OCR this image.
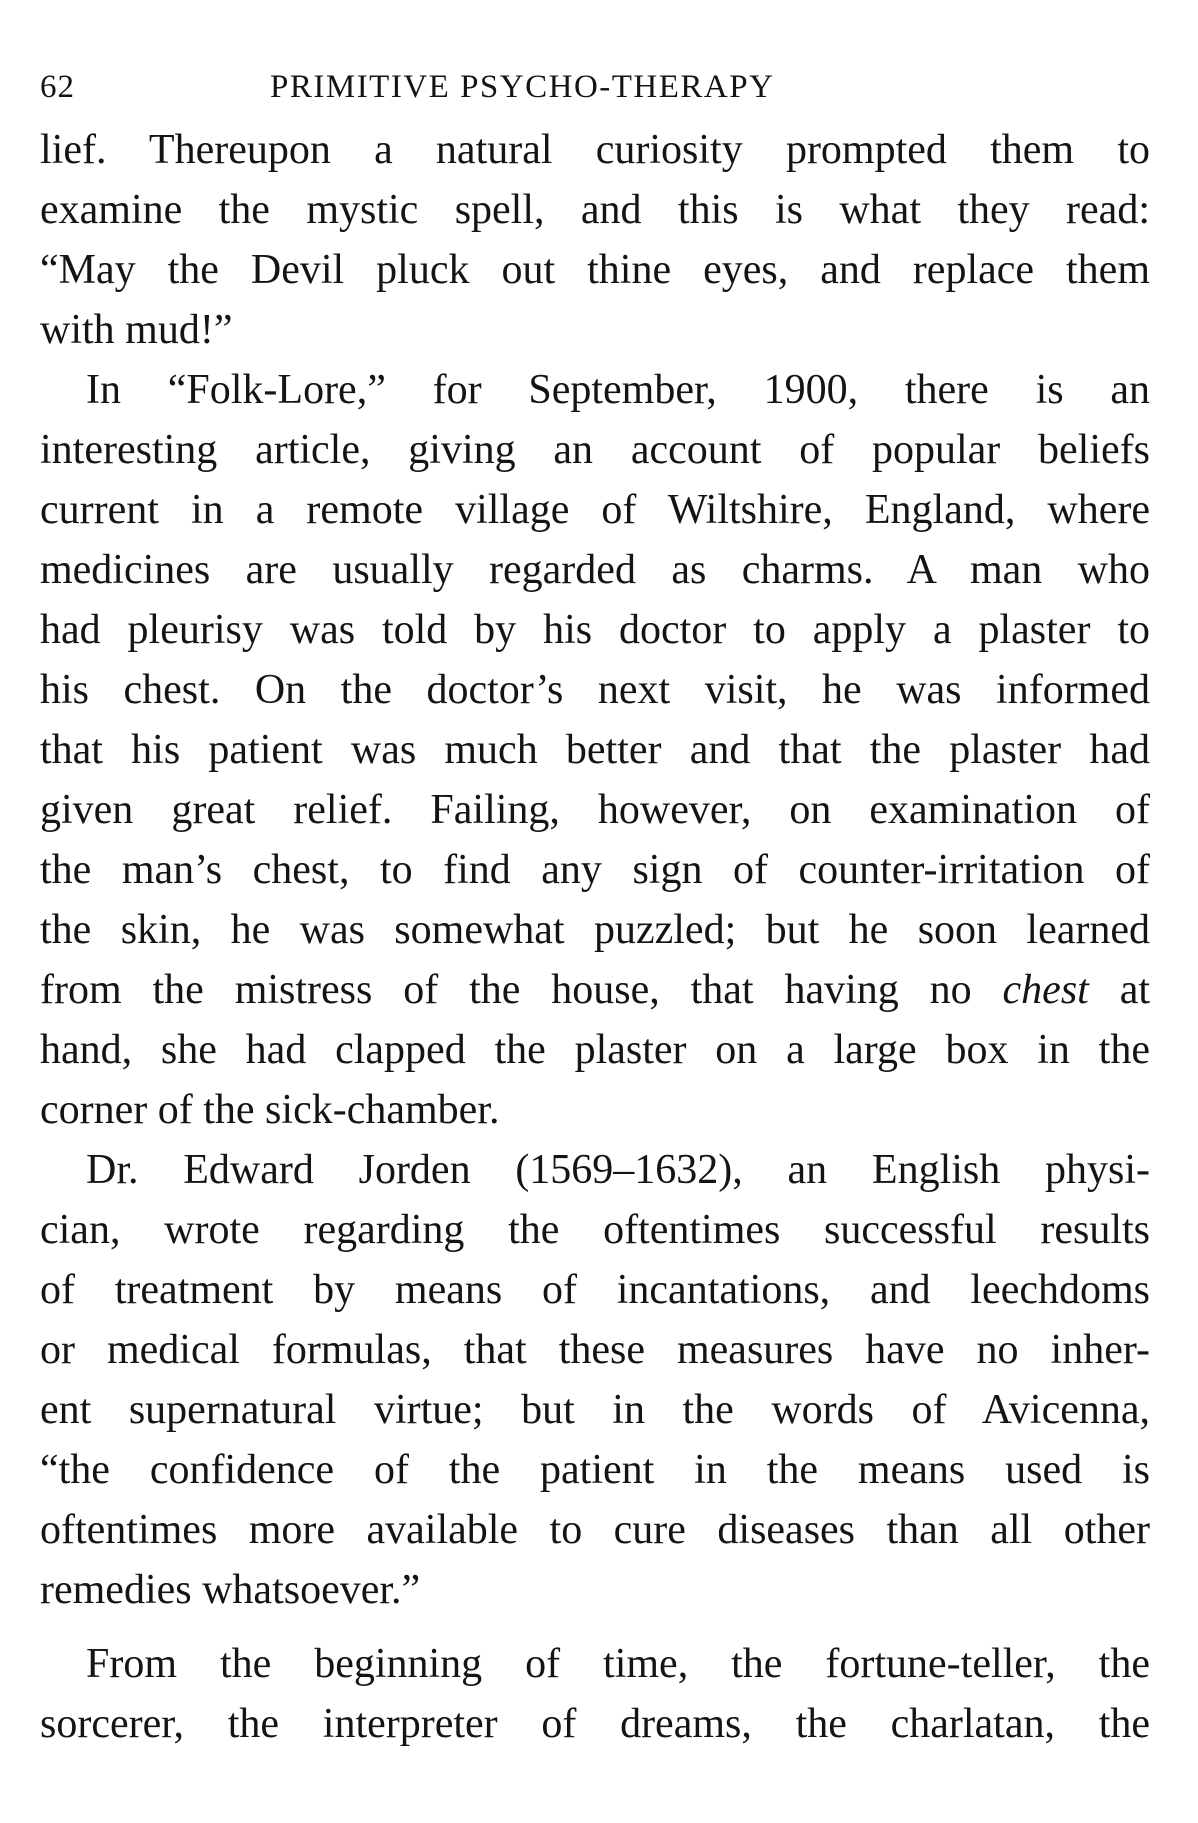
62	PRIMITIVE PSYCHO-THERAPY
lief. Thereupon a natural curiosity prompted them to
examine the mystic spell, and this is what they read:
“May the Devil pluck out thine eyes, and replace them
with mud!”
In “Folk-Lore,” for September, 1900, there is an
interesting article, giving an account of popular beliefs
current in a remote village of Wiltshire, England, where
medicines are usually regarded as charms. A man who
had pleurisy was told by his doctor to apply a plaster to
his chest. On the doctor’s next visit, he was informed
that his patient was much better and that the plaster had
given great relief. Failing, however, on examination of
the man’s chest, to find any sign of counter-irritation of
the skin, he was somewhat puzzled; but he soon learned
from the mistress of the house, that having no chest at
hand, she had clapped the plaster on a large box in the
corner of the sick-chamber.
Dr. Edward Jorden (1569–1632), an English physi-
cian, wrote regarding the oftentimes successful results
of treatment by means of incantations, and leechdoms
or medical formulas, that these measures have no inher-
ent supernatural virtue; but in the words of Avicenna,
“the confidence of the patient in the means used is
oftentimes more available to cure diseases than all other
remedies whatsoever.”
From the beginning of time, the fortune-teller, the
sorcerer, the interpreter of dreams, the charlatan, the
